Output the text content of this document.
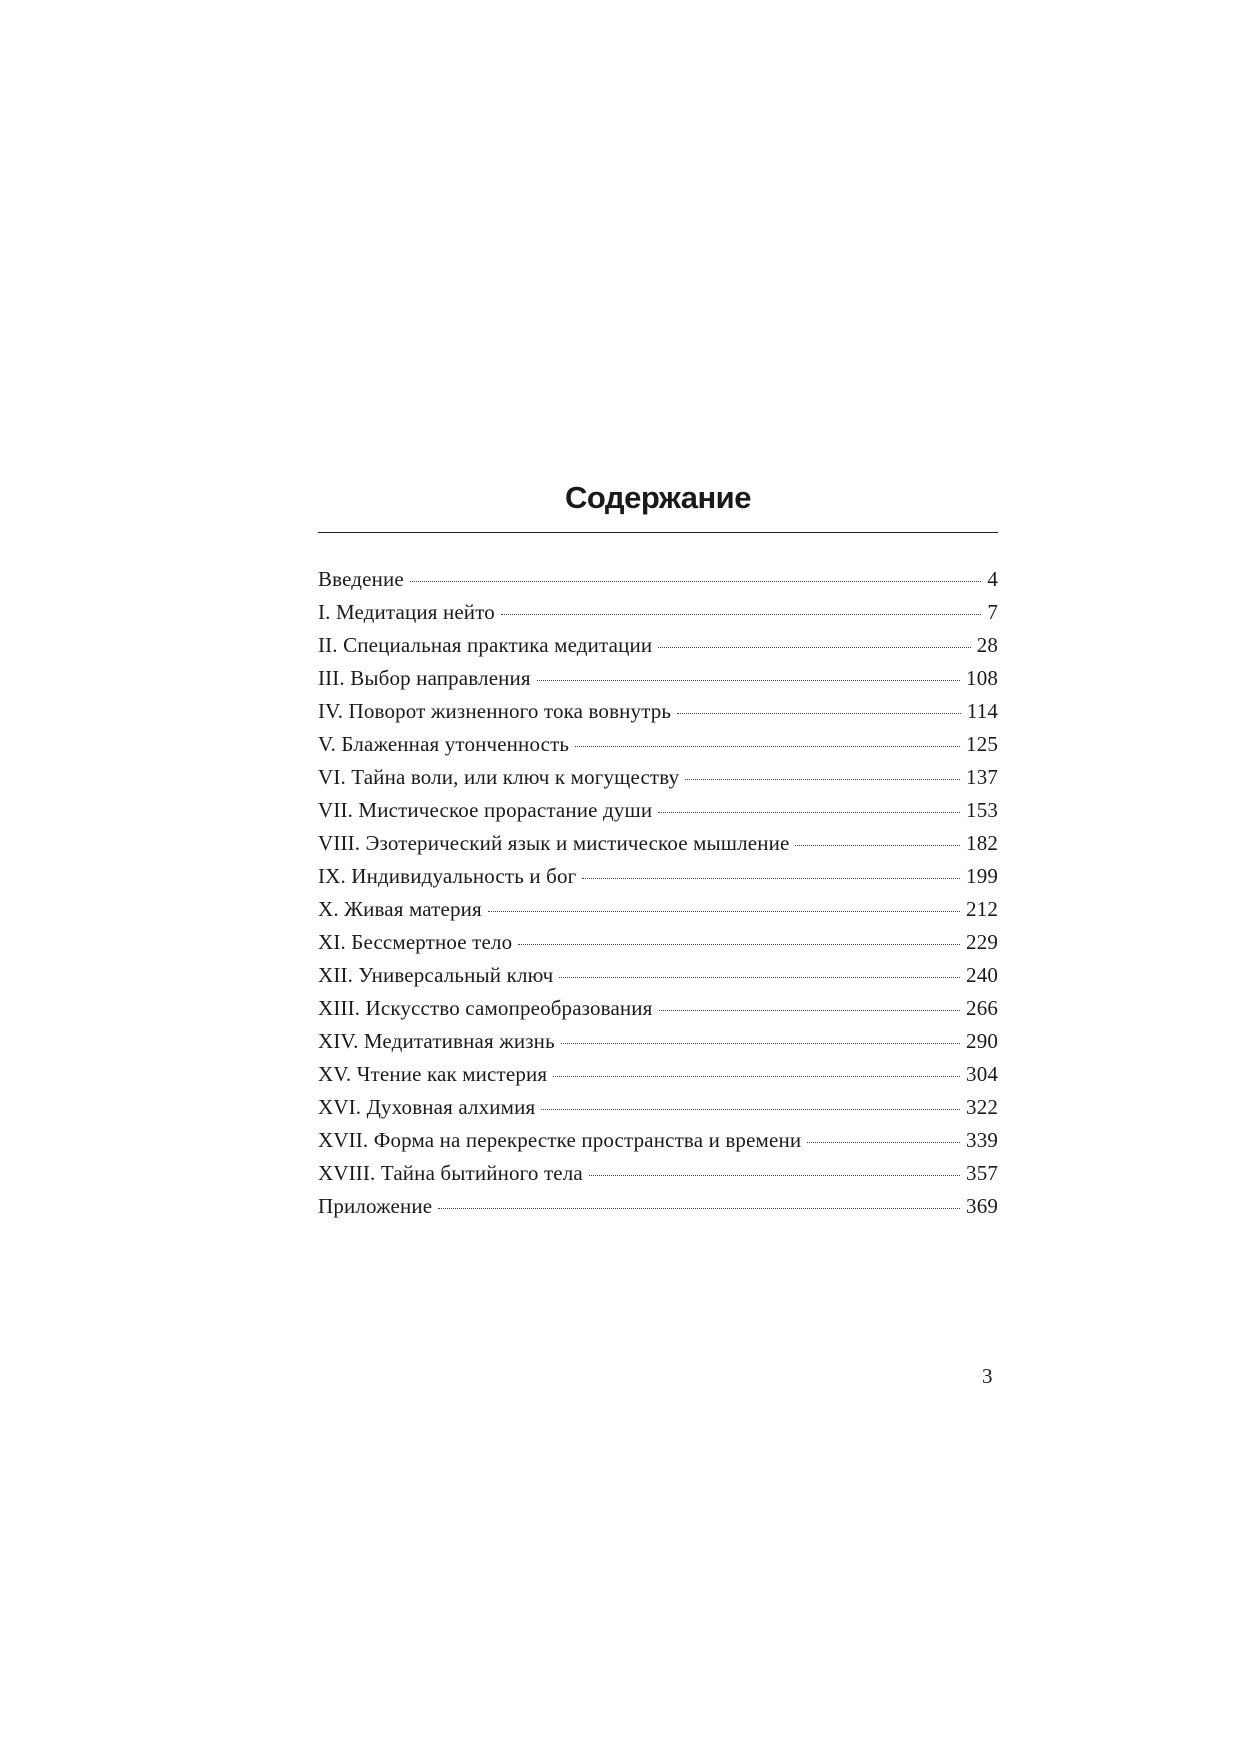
Содержание
Введение	4
I. Медитация нейто	7
II. Специальная практика медитации	28
III. Выбор направления	108
IV. Поворот жизненного тока вовнутрь	114
V. Блаженная утонченность	125
VI. Тайна воли, или ключ к могуществу	137
VII. Мистическое прорастание души	153
VIII. Эзотерический язык и мистическое мышление	182
IX. Индивидуальность и бог	199
X. Живая материя	212
XI. Бессмертное тело	229
XII. Универсальный ключ	240
XIII. Искусство самопреобразования	266
XIV. Медитативная жизнь	290
XV. Чтение как мистерия	304
XVI. Духовная алхимия	322
XVII. Форма на перекрестке пространства и времени	339
XVIII. Тайна бытийного тела	357
Приложение	369
3
